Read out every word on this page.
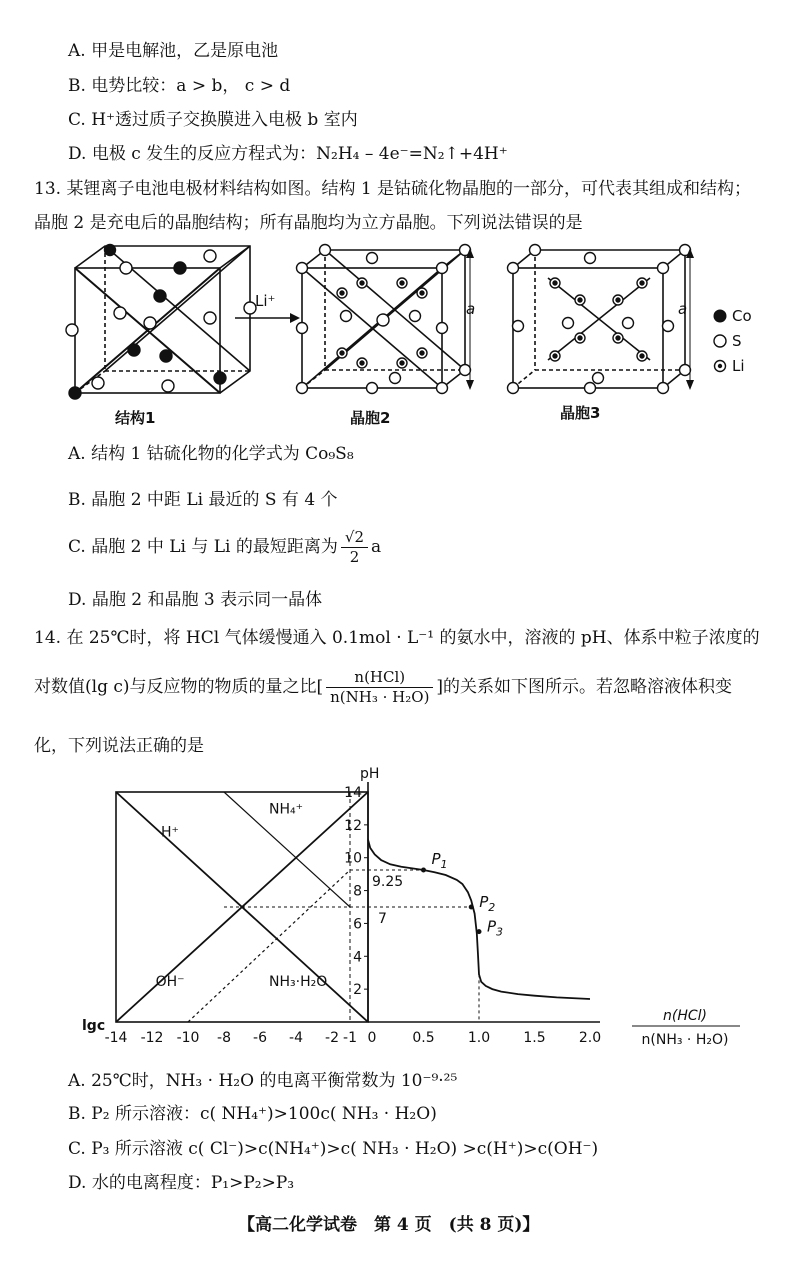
A. 甲是电解池，乙是原电池
B. 电势比较：a > b， c > d
C. H⁺透过质子交换膜进入电极 b 室内
D. 电极 c 发生的反应方程式为：N₂H₄ – 4e⁻=N₂↑+4H⁺
13. 某锂离子电池电极材料结构如图。结构 1 是钴硫化物晶胞的一部分，可代表其组成和结构；
晶胞 2 是充电后的晶胞结构；所有晶胞均为立方晶胞。下列说法错误的是
结构1
Li⁺	a
晶胞2
a
晶胞3
Co
S
Li
A. 结构 1 钴硫化物的化学式为 Co₉S₈
B. 晶胞 2 中距 Li 最近的 S 有 4 个
C. 晶胞 2 中 Li 与 Li 的最短距离为 $\frac{√2}{2}$ a
D. 晶胞 2 和晶胞 3 表示同一晶体
14. 在 25℃时，将 HCl 气体缓慢通入 0.1mol · L⁻¹ 的氨水中，溶液的 pH、体系中粒子浓度的
对数值(lg c)与反应物的物质的量之比[ $\frac{\text{n(HCl)}}{\text{n(NH₃ · H₂O)}}$ ]的关系如下图所示。若忽略溶液体积变
化，下列说法正确的是
H⁺
OH⁻
NH₄⁺
NH₃·H₂O
-14 -12 -10 -8 -6 -4 -2 -1
lgc
2
4
6
8
10
12
14
pH
0	0.5 1.0 1.5 2.0
n(HCl)
n(NH₃ · H₂O)
9.25
7
$P_1$
$P_2$
$P_3$
A. 25℃时，NH₃ · H₂O 的电离平衡常数为 10⁻⁹·²⁵
B. P₂ 所示溶液：c( NH₄⁺)>100c( NH₃ · H₂O)
C. P₃ 所示溶液 c( Cl⁻)>c(NH₄⁺)>c( NH₃ · H₂O) >c(H⁺)>c(OH⁻)
D. 水的电离程度：P₁>P₂>P₃
【高二化学试卷　第 4 页　(共 8 页)】
